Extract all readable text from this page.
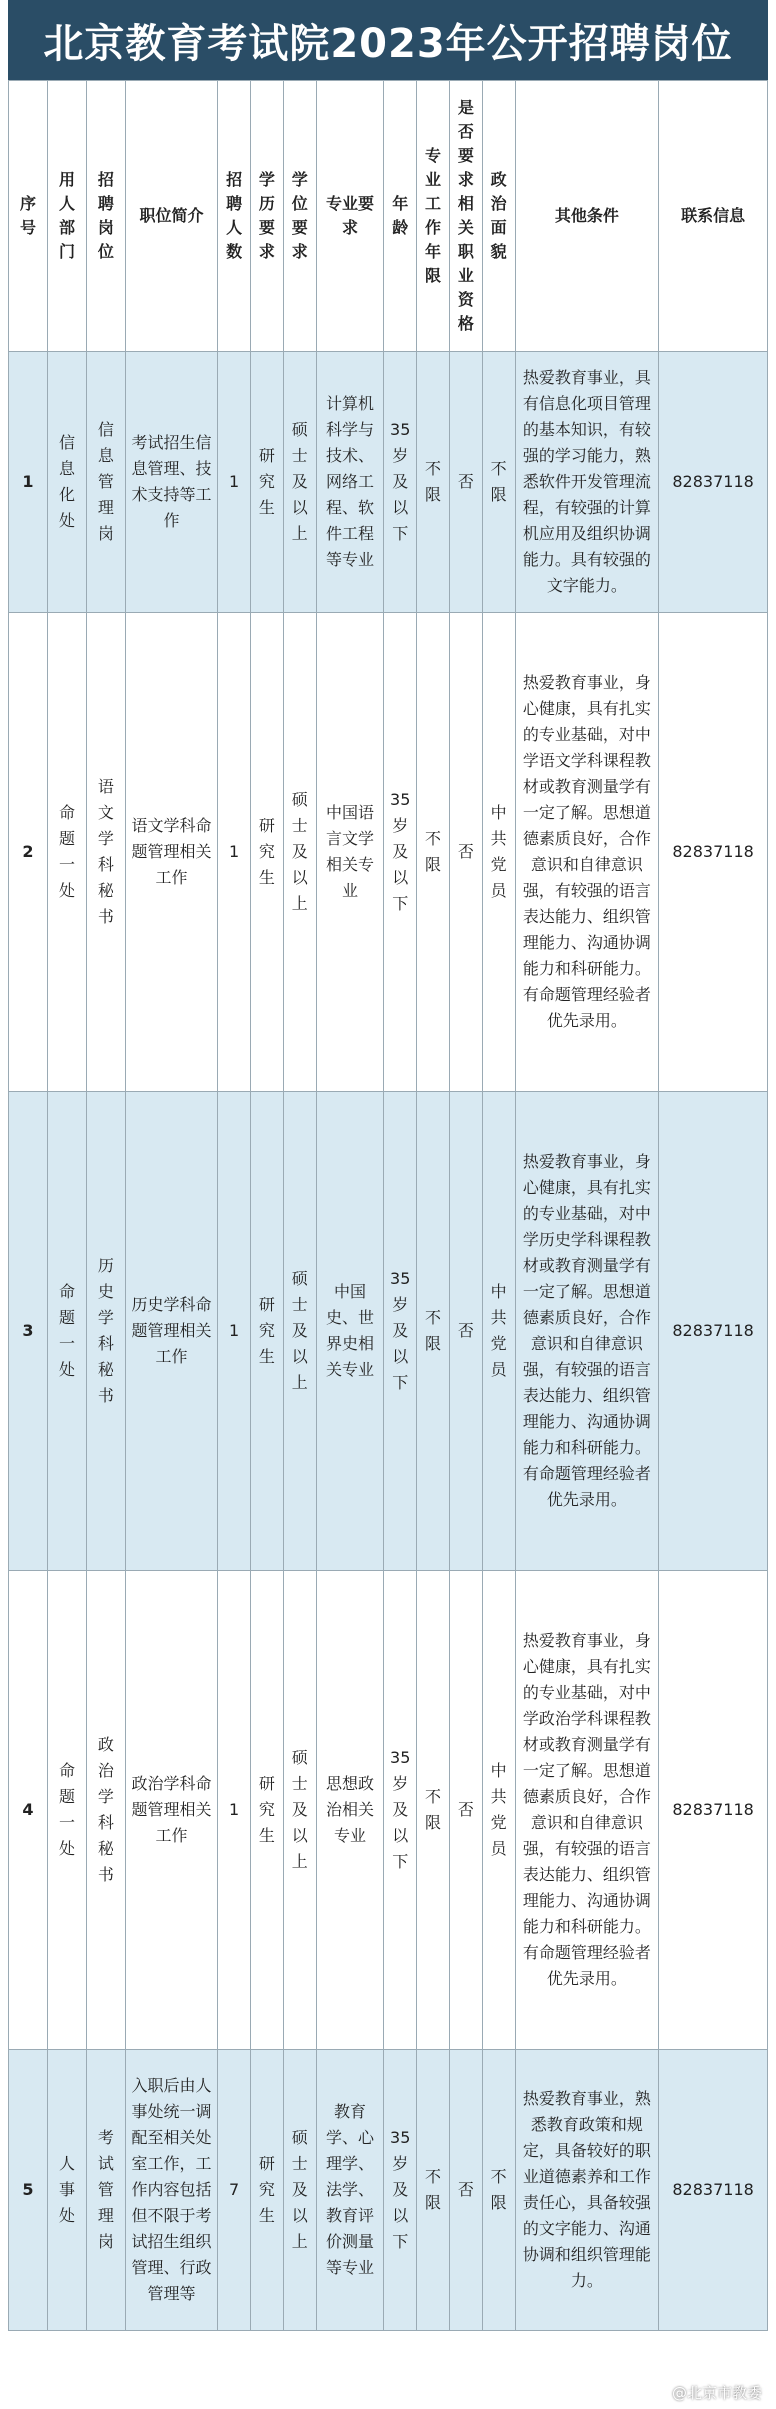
北京教育考试院2023年公开招聘岗位
序号	用人部门	招聘岗位	职位简介	招聘人数	学历要求	学位要求	专业要求	年龄	专业工作年限	是否要求相关职业资格	政治面貌	其他条件	联系信息
1	信息化处	信息管理岗	考试招生信息管理、技术支持等工作	1	研究生	硕士及以上	计算机科学与技术、网络工程、软件工程等专业	35岁及以下	不限	否	不限	热爱教育事业，具有信息化项目管理的基本知识，有较强的学习能力，熟悉软件开发管理流程，有较强的计算机应用及组织协调能力。具有较强的文字能力。	82837118
2	命题一处	语文学科秘书	语文学科命题管理相关工作	1	研究生	硕士及以上	中国语言文学相关专业	35岁及以下	不限	否	中共党员	热爱教育事业，身心健康，具有扎实的专业基础，对中学语文学科课程教材或教育测量学有一定了解。思想道德素质良好，合作意识和自律意识强，有较强的语言表达能力、组织管理能力、沟通协调能力和科研能力。有命题管理经验者优先录用。	82837118
3	命题一处	历史学科秘书	历史学科命题管理相关工作	1	研究生	硕士及以上	中国史、世界史相关专业	35岁及以下	不限	否	中共党员	热爱教育事业，身心健康，具有扎实的专业基础，对中学历史学科课程教材或教育测量学有一定了解。思想道德素质良好，合作意识和自律意识强，有较强的语言表达能力、组织管理能力、沟通协调能力和科研能力。有命题管理经验者优先录用。	82837118
4	命题一处	政治学科秘书	政治学科命题管理相关工作	1	研究生	硕士及以上	思想政治相关专业	35岁及以下	不限	否	中共党员	热爱教育事业，身心健康，具有扎实的专业基础，对中学政治学科课程教材或教育测量学有一定了解。思想道德素质良好，合作意识和自律意识强，有较强的语言表达能力、组织管理能力、沟通协调能力和科研能力。有命题管理经验者优先录用。	82837118
5	人事处	考试管理岗	入职后由人事处统一调配至相关处室工作，工作内容包括但不限于考试招生组织管理、行政管理等	7	研究生	硕士及以上	教育学、心理学、法学、教育评价测量等专业	35岁及以下	不限	否	不限	热爱教育事业，熟悉教育政策和规定，具备较好的职业道德素养和工作责任心，具备较强的文字能力、沟通协调和组织管理能力。	82837118
@北京市教委
